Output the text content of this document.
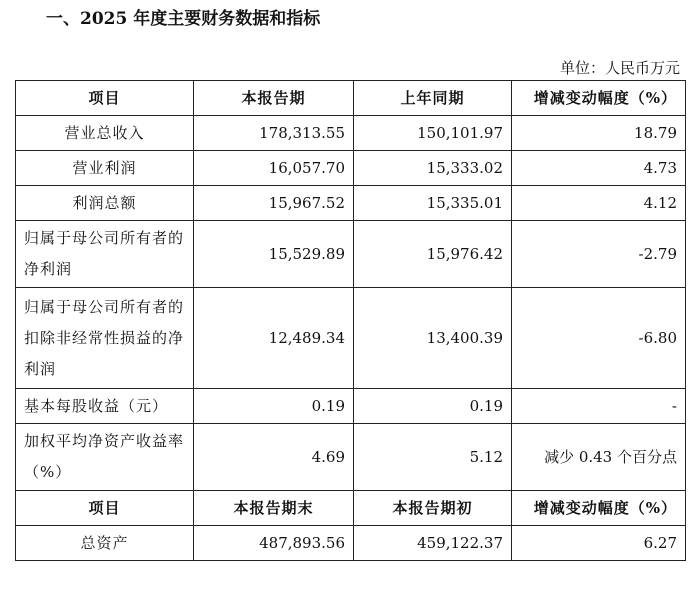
一、2025 年度主要财务数据和指标
单位：人民币万元
项目	本报告期	上年同期	增减变动幅度（%）
营业总收入	178,313.55	150,101.97	18.79
营业利润	16,057.70	15,333.02	4.73
利润总额	15,967.52	15,335.01	4.12
归属于母公司所有者的净利润	15,529.89	15,976.42	-2.79
归属于母公司所有者的扣除非经常性损益的净利润	12,489.34	13,400.39	-6.80
基本每股收益（元）	0.19	0.19	-
加权平均净资产收益率（%）	4.69	5.12	减少 0.43 个百分点
项目	本报告期末	本报告期初	增减变动幅度（%）
总资产	487,893.56	459,122.37	6.27
